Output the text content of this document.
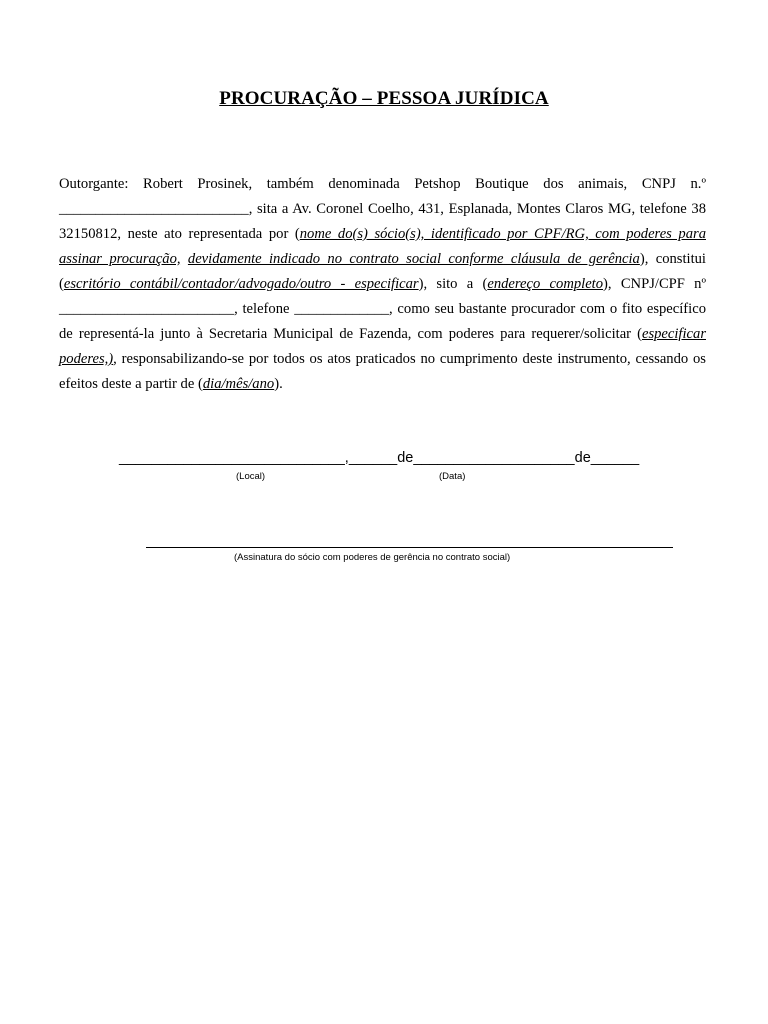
PROCURAÇÃO – PESSOA JURÍDICA
Outorgante: Robert Prosinek, também denominada Petshop Boutique dos animais, CNPJ n.º __________________________, sita a Av. Coronel Coelho, 431, Esplanada, Montes Claros MG, telefone 38 32150812, neste ato representada por (nome do(s) sócio(s), identificado por CPF/RG, com poderes para assinar procuração, devidamente indicado no contrato social conforme cláusula de gerência), constitui (escritório contábil/contador/advogado/outro - especificar), sito a (endereço completo), CNPJ/CPF nº ________________________, telefone _____________, como seu bastante procurador com o fito específico de representá-la junto à Secretaria Municipal de Fazenda, com poderes para requerer/solicitar (especificar poderes,), responsabilizando-se por todos os atos praticados no cumprimento deste instrumento, cessando os efeitos deste a partir de (dia/mês/ano).
____________________________,______de____________________de______
(Local)	(Data)
(Assinatura do sócio com poderes de gerência no contrato social)
